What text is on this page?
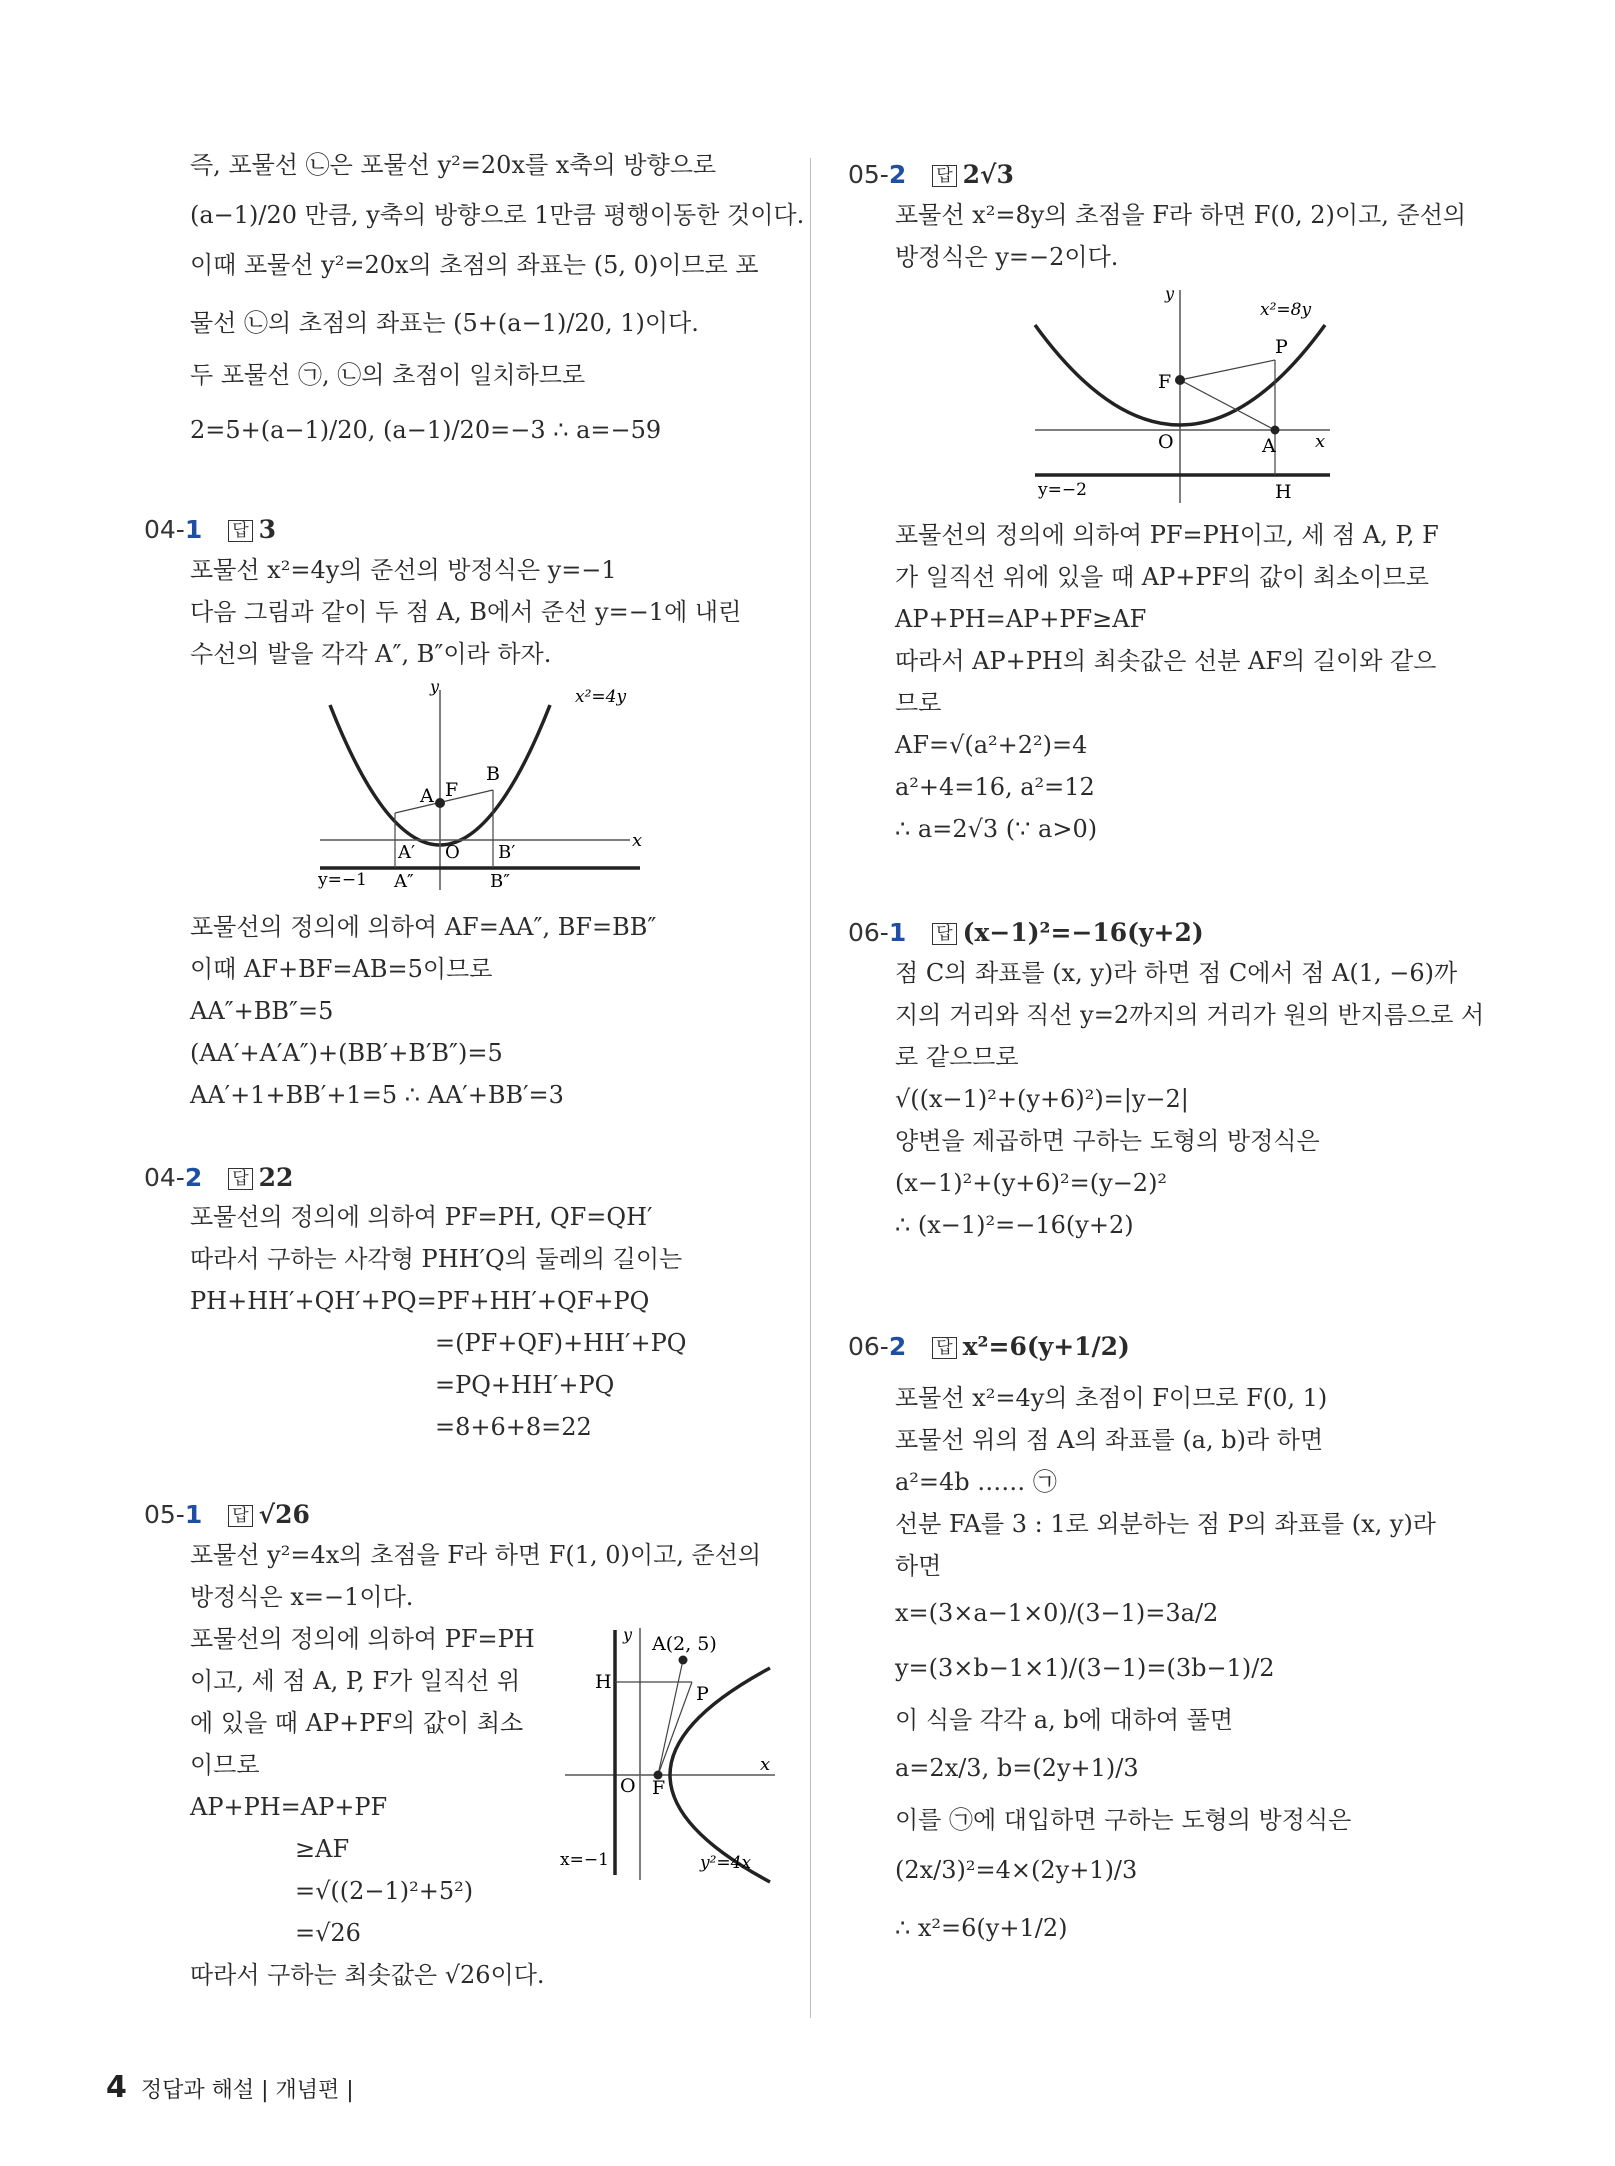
즉, 포물선 ㉡은 포물선 y²=20x를 x축의 방향으로
(a−1)/20 만큼, y축의 방향으로 1만큼 평행이동한 것이다.
이때 포물선 y²=20x의 초점의 좌표는 (5, 0)이므로 포
물선 ㉡의 초점의 좌표는 (5+(a−1)/20, 1)이다.
두 포물선 ㉠, ㉡의 초점이 일치하므로
2=5+(a−1)/20, (a−1)/20=−3 ∴ a=−59
04-1 답 3
포물선 x²=4y의 준선의 방정식은 y=−1
다음 그림과 같이 두 점 A, B에서 준선 y=−1에 내린
수선의 발을 각각 A″, B″이라 하자.
y
x
x²=4y
y=−1
A F
B
A′ O B′
A″	B″
포물선의 정의에 의하여 AF=AA″, BF=BB″
이때 AF+BF=AB=5이므로
AA″+BB″=5
(AA′+A′A″)+(BB′+B′B″)=5
AA′+1+BB′+1=5 ∴ AA′+BB′=3
04-2 답 22
포물선의 정의에 의하여 PF=PH, QF=QH′
따라서 구하는 사각형 PHH′Q의 둘레의 길이는
PH+HH′+QH′+PQ=PF+HH′+QF+PQ
=(PF+QF)+HH′+PQ
=PQ+HH′+PQ
=8+6+8=22
05-1 답 √26
포물선 y²=4x의 초점을 F라 하면 F(1, 0)이고, 준선의
방정식은 x=−1이다.
포물선의 정의에 의하여 PF=PH
이고, 세 점 A, P, F가 일직선 위
에 있을 때 AP+PF의 값이 최소
이므로
AP+PH=AP+PF
≥AF
=√((2−1)²+5²)
=√26
따라서 구하는 최솟값은 √26이다.
y
x
x=−1	y²=4x
A(2, 5)
H
P
O F
05-2 답 2√3
포물선 x²=8y의 초점을 F라 하면 F(0, 2)이고, 준선의
방정식은 y=−2이다.
y
x
x²=8y
y=−2
F
P
O	A
H
포물선의 정의에 의하여 PF=PH이고, 세 점 A, P, F
가 일직선 위에 있을 때 AP+PF의 값이 최소이므로
AP+PH=AP+PF≥AF
따라서 AP+PH의 최솟값은 선분 AF의 길이와 같으
므로
AF=√(a²+2²)=4
a²+4=16, a²=12
∴ a=2√3 (∵ a>0)
06-1 답 (x−1)²=−16(y+2)
점 C의 좌표를 (x, y)라 하면 점 C에서 점 A(1, −6)까
지의 거리와 직선 y=2까지의 거리가 원의 반지름으로 서
로 같으므로
√((x−1)²+(y+6)²)=|y−2|
양변을 제곱하면 구하는 도형의 방정식은
(x−1)²+(y+6)²=(y−2)²
∴ (x−1)²=−16(y+2)
06-2 답 x²=6(y+1/2)
포물선 x²=4y의 초점이 F이므로 F(0, 1)
포물선 위의 점 A의 좌표를 (a, b)라 하면
a²=4b …… ㉠
선분 FA를 3 : 1로 외분하는 점 P의 좌표를 (x, y)라
하면
x=(3×a−1×0)/(3−1)=3a/2
y=(3×b−1×1)/(3−1)=(3b−1)/2
이 식을 각각 a, b에 대하여 풀면
a=2x/3, b=(2y+1)/3
이를 ㉠에 대입하면 구하는 도형의 방정식은
(2x/3)²=4×(2y+1)/3
∴ x²=6(y+1/2)
4 정답과 해설 | 개념편 |
